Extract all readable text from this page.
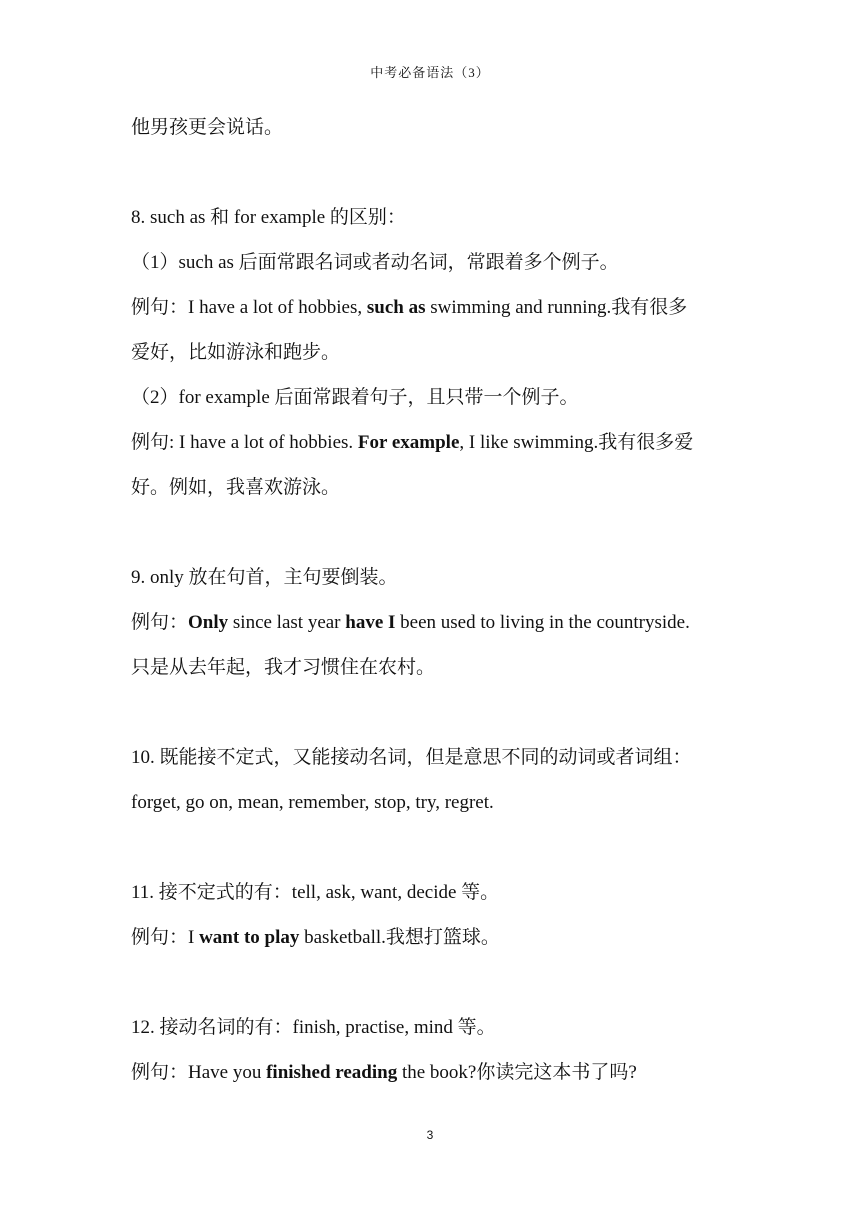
中考必备语法（3）
他男孩更会说话。
8. such as 和 for example 的区别：
（1）such as 后面常跟名词或者动名词，常跟着多个例子。
例句：I have a lot of hobbies, such as swimming and running.我有很多
爱好，比如游泳和跑步。
（2）for example 后面常跟着句子，且只带一个例子。
例句: I have a lot of hobbies. For example, I like swimming.我有很多爱
好。例如，我喜欢游泳。
9. only 放在句首，主句要倒装。
例句：Only since last year have I been used to living in the countryside.
只是从去年起，我才习惯住在农村。
10. 既能接不定式，又能接动名词，但是意思不同的动词或者词组：
forget, go on, mean, remember, stop, try, regret.
11. 接不定式的有：tell, ask, want, decide 等。
例句：I want to play basketball.我想打篮球。
12. 接动名词的有：finish, practise, mind 等。
例句：Have you finished reading the book?你读完这本书了吗?
3
